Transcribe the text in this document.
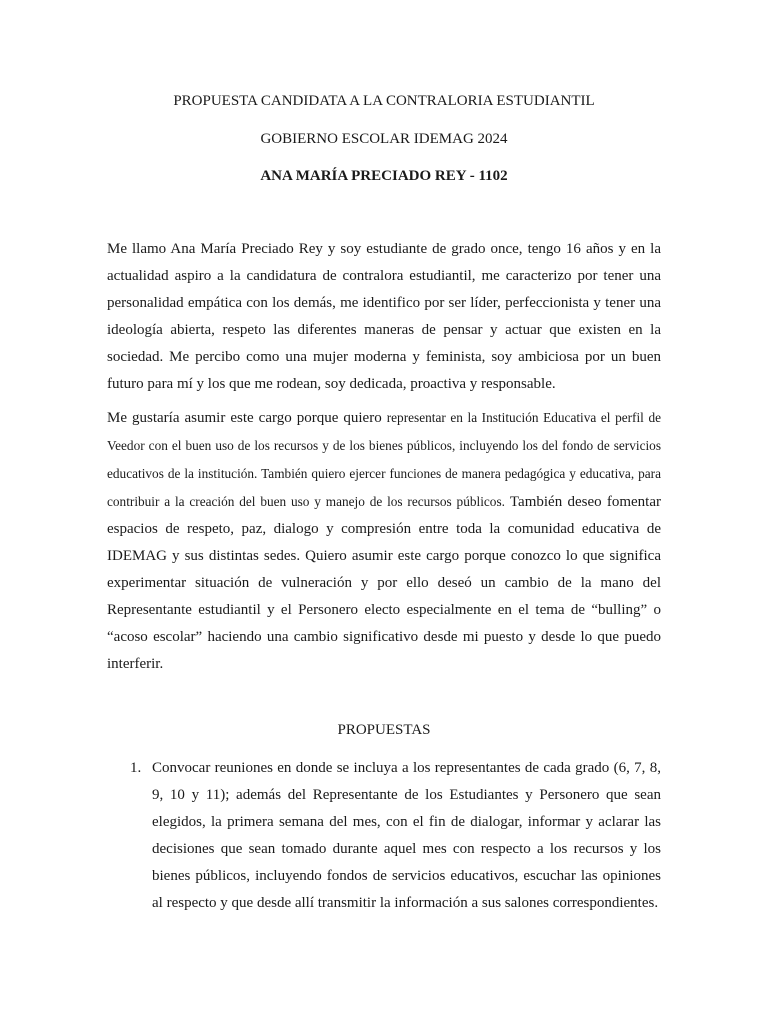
PROPUESTA CANDIDATA A LA CONTRALORIA ESTUDIANTIL
GOBIERNO ESCOLAR IDEMAG 2024
ANA MARÍA PRECIADO REY - 1102

Me llamo Ana María Preciado Rey y soy estudiante de grado once, tengo 16 años y en la actualidad aspiro a la candidatura de contralora estudiantil, me caracterizo por tener una personalidad empática con los demás, me identifico por ser líder, perfeccionista y tener una ideología abierta, respeto las diferentes maneras de pensar y actuar que existen en la sociedad. Me percibo como una mujer moderna y feminista, soy ambiciosa por un buen futuro para mí y los que me rodean, soy dedicada, proactiva y responsable.

Me gustaría asumir este cargo porque quiero representar en la Institución Educativa el perfil de Veedor con el buen uso de los recursos y de los bienes públicos, incluyendo los del fondo de servicios educativos de la institución. También quiero ejercer funciones de manera pedagógica y educativa, para contribuir a la creación del buen uso y manejo de los recursos públicos. También deseo fomentar espacios de respeto, paz, dialogo y compresión entre toda la comunidad educativa de IDEMAG y sus distintas sedes. Quiero asumir este cargo porque conozco lo que significa experimentar situación de vulneración y por ello deseó un cambio de la mano del Representante estudiantil y el Personero electo especialmente en el tema de “bulling” o “acoso escolar” haciendo una cambio significativo desde mi puesto y desde lo que puedo interferir.

PROPUESTAS
1. Convocar reuniones en donde se incluya a los representantes de cada grado (6, 7, 8, 9, 10 y 11); además del Representante de los Estudiantes y Personero que sean elegidos, la primera semana del mes, con el fin de dialogar, informar y aclarar las decisiones que sean tomado durante aquel mes con respecto a los recursos y los bienes públicos, incluyendo fondos de servicios educativos, escuchar las opiniones al respecto y que desde allí transmitir la información a sus salones correspondientes.
